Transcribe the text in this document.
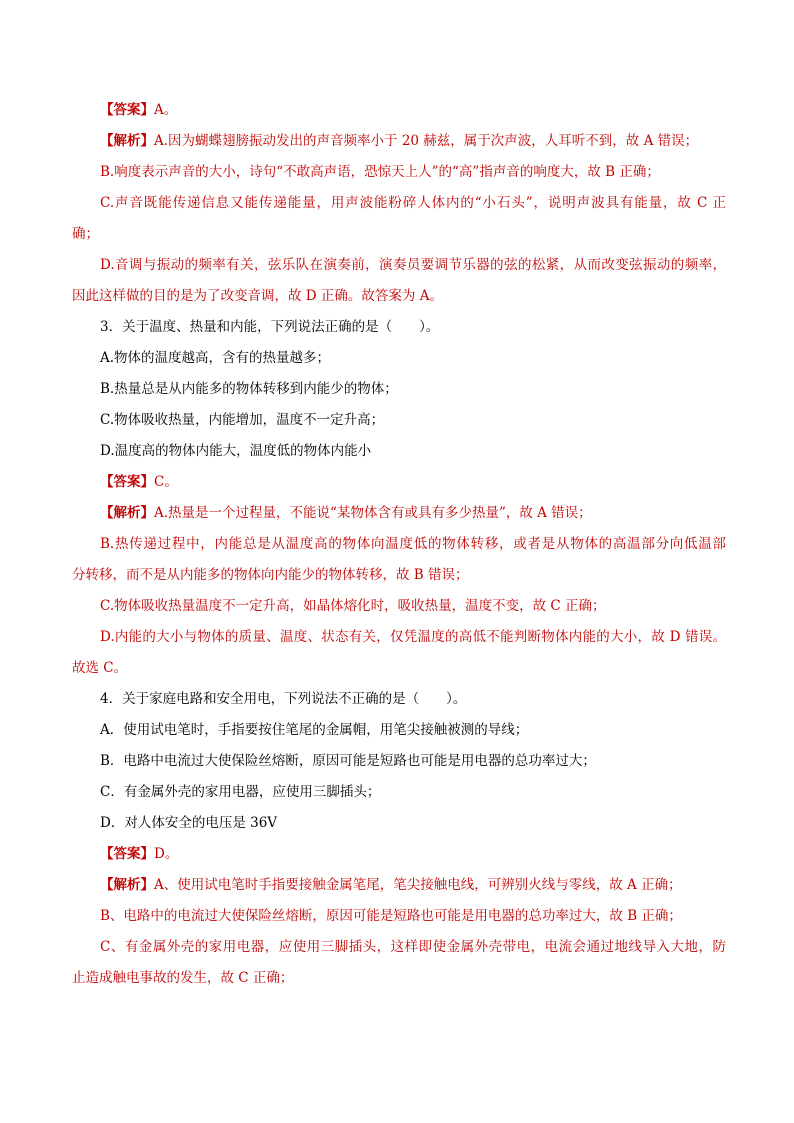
【答案】A。
【解析】A.因为蝴蝶翅膀振动发出的声音频率小于 20 赫兹，属于次声波，人耳听不到，故 A 错误；
B.响度表示声音的大小，诗句“不敢高声语，恐惊天上人”的“高”指声音的响度大，故 B 正确；
C.声音既能传递信息又能传递能量，用声波能粉碎人体内的“小石头”，说明声波具有能量，故 C 正
确；
D.音调与振动的频率有关，弦乐队在演奏前，演奏员要调节乐器的弦的松紧，从而改变弦振动的频率，
因此这样做的目的是为了改变音调，故 D 正确。故答案为 A。
3．关于温度、热量和内能，下列说法正确的是（　　）。
A.物体的温度越高，含有的热量越多；
B.热量总是从内能多的物体转移到内能少的物体；
C.物体吸收热量，内能增加，温度不一定升高；
D.温度高的物体内能大，温度低的物体内能小
【答案】C。
【解析】A.热量是一个过程量，不能说“某物体含有或具有多少热量”，故 A 错误；
B.热传递过程中，内能总是从温度高的物体向温度低的物体转移，或者是从物体的高温部分向低温部
分转移，而不是从内能多的物体向内能少的物体转移，故 B 错误；
C.物体吸收热量温度不一定升高，如晶体熔化时，吸收热量，温度不变，故 C 正确；
D.内能的大小与物体的质量、温度、状态有关，仅凭温度的高低不能判断物体内能的大小，故 D 错误。
故选 C。
4．关于家庭电路和安全用电，下列说法不正确的是（　　）。
A．使用试电笔时，手指要按住笔尾的金属帽，用笔尖接触被测的导线；
B．电路中电流过大使保险丝熔断，原因可能是短路也可能是用电器的总功率过大；
C．有金属外壳的家用电器，应使用三脚插头；
D．对人体安全的电压是 36V
【答案】D。
【解析】A、使用试电笔时手指要接触金属笔尾，笔尖接触电线，可辨别火线与零线，故 A 正确；
B、电路中的电流过大使保险丝熔断，原因可能是短路也可能是用电器的总功率过大，故 B 正确；
C、有金属外壳的家用电器，应使用三脚插头，这样即使金属外壳带电，电流会通过地线导入大地，防
止造成触电事故的发生，故 C 正确；
